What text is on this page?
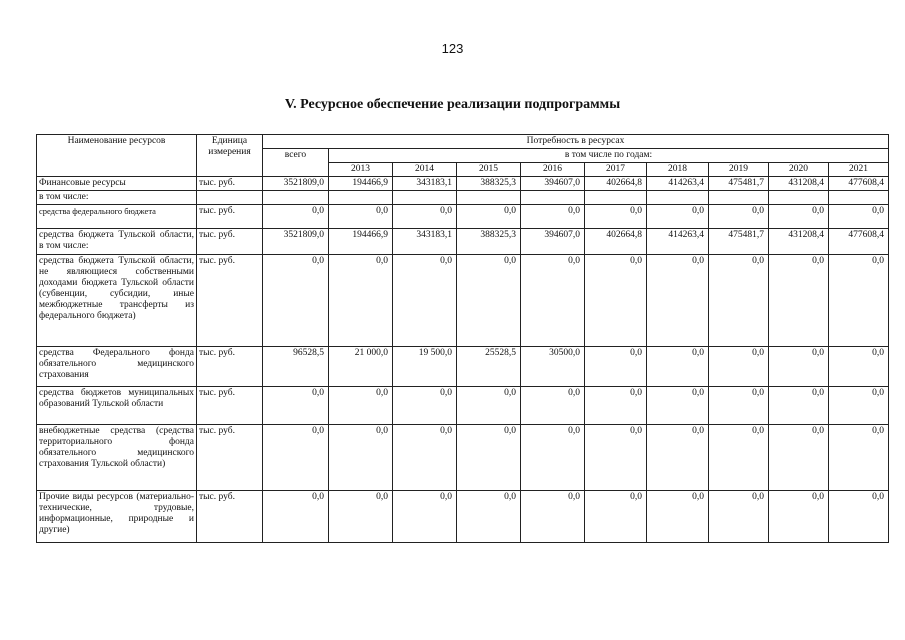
123
V. Ресурсное обеспечение реализации подпрограммы
Наименование ресурсов	Единица измерения	Потребность в ресурсах									
		всего	в том числе по годам:								
			2013	2014	2015	2016	2017	2018	2019	2020	2021
Финансовые ресурсы	тыс. руб.	3521809,0	194466,9	343183,1	388325,3	394607,0	402664,8	414263,4	475481,7	431208,4	477608,4
в том числе:											
средства федерального бюджета	тыс. руб.	0,0	0,0	0,0	0,0	0,0	0,0	0,0	0,0	0,0	0,0
средства бюджета Тульской области, в том числе:	тыс. руб.	3521809,0	194466,9	343183,1	388325,3	394607,0	402664,8	414263,4	475481,7	431208,4	477608,4
средства бюджета Тульской области, не являющиеся собственными доходами бюджета Тульской области (субвенции, субсидии, иные межбюджетные трансферты из федерального бюджета)	тыс. руб.	0,0	0,0	0,0	0,0	0,0	0,0	0,0	0,0	0,0	0,0
средства Федерального фонда обязательного медицинского страхования	тыс. руб.	96528,5	21 000,0	19 500,0	25528,5	30500,0	0,0	0,0	0,0	0,0	0,0
средства бюджетов муниципальных образований Тульской области	тыс. руб.	0,0	0,0	0,0	0,0	0,0	0,0	0,0	0,0	0,0	0,0
внебюджетные средства (средства территориального фонда обязательного медицинского страхования Тульской области)	тыс. руб.	0,0	0,0	0,0	0,0	0,0	0,0	0,0	0,0	0,0	0,0
Прочие виды ресурсов (материально-технические, трудовые, информационные, природные и другие)	тыс. руб.	0,0	0,0	0,0	0,0	0,0	0,0	0,0	0,0	0,0	0,0
